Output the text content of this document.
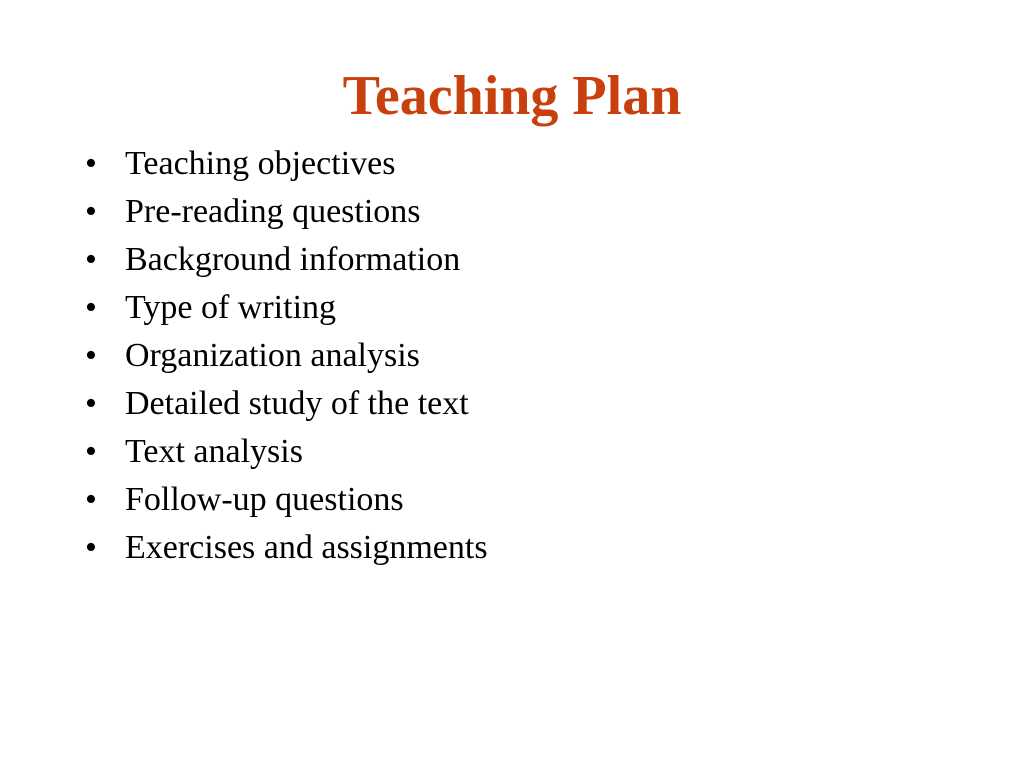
Teaching Plan
• Teaching objectives
• Pre-reading questions
• Background information
• Type of writing
• Organization analysis
• Detailed study of the text
• Text analysis
• Follow-up questions
• Exercises and assignments
